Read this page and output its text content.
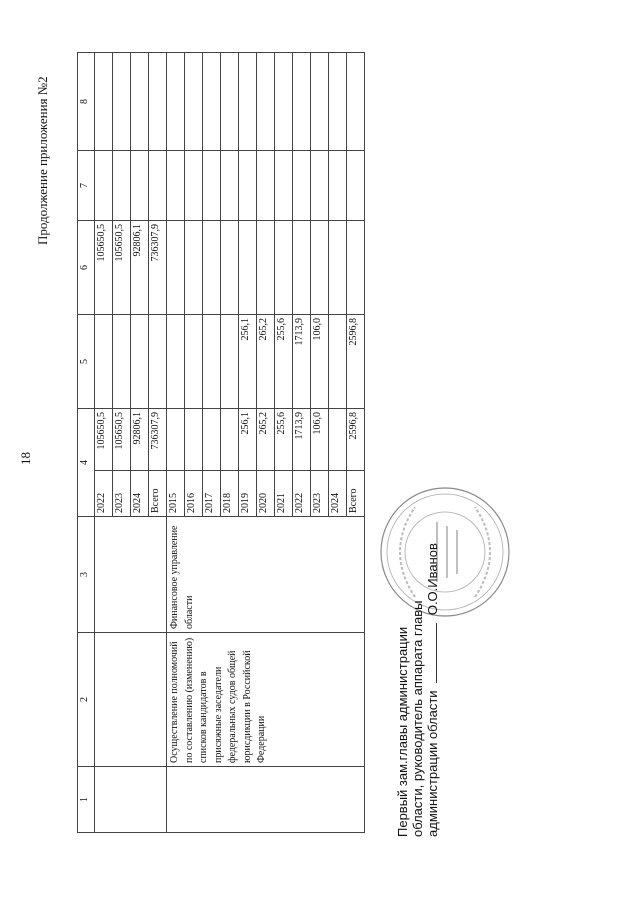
18
Продолжение приложения №2
1	2	3	4		5	6	7	8
			2022	105650,5		105650,5		
			2023	105650,5		105650,5		
			2024	92806,1		92806,1		
			Всего	736307,9		736307,9		
	Осуществление полномочий по составлению (изменению) списков кандидатов в присяжные заседатели федеральных судов общей юрисдикции в Российской Федерации	Финансовое управление области	2015					
			2016					
			2017					
			2018					
			2019	256,1	256,1			
			2020	265,2	265,2			
			2021	255,6	255,6			
			2022	1713,9	1713,9			
			2023	106,0	106,0			
			2024					
			Всего	2596,8	2596,8			
Первый зам.главы администрации области, руководитель аппарата главы администрации области  О.О.Иванов
